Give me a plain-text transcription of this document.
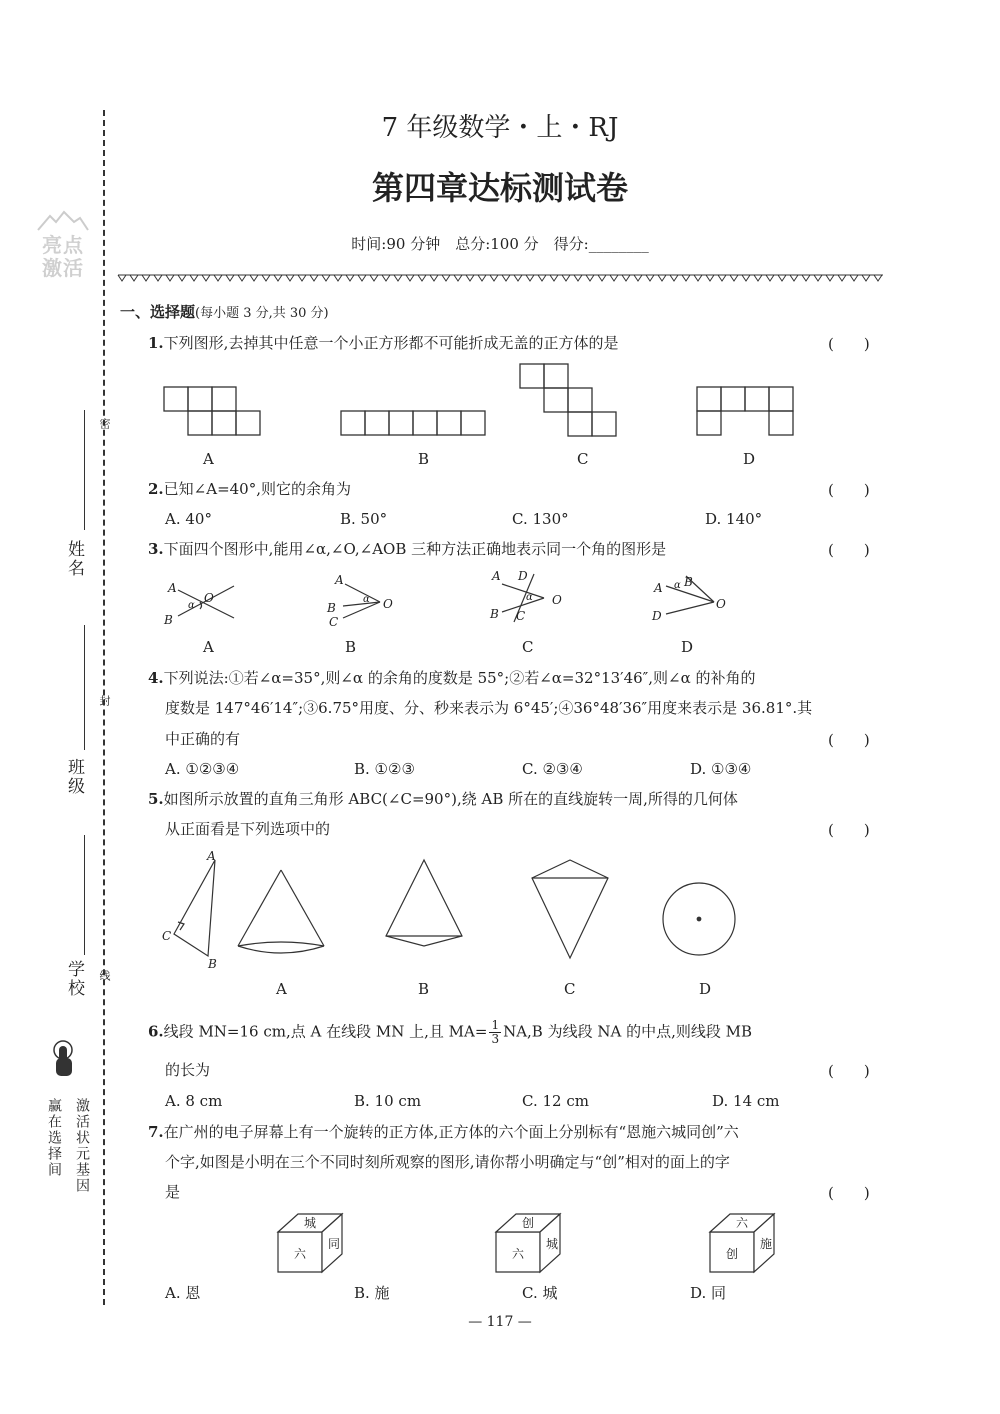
亮点激活
密
封
线
姓名
班级
学校
激活状元基因
赢在选择间
7 年级数学・上・RJ
第四章达标测试卷
时间:90 分钟　总分:100 分　得分:________
一、选择题(每小题 3 分,共 30 分)
1.下列图形,去掉其中任意一个小正方形都不可能折成无盖的正方体的是	(　　)
A	B	C	D
2.已知∠A=40°,则它的余角为	(　　)
A. 40°	B. 50°	C. 130°	D. 140°
3.下面四个图形中,能用∠α,∠O,∠AOB 三种方法正确地表示同一个角的图形是	(　　)
A
B
α
O
A
B
C
α O
A D
B C
α O
A B
D
α
O
A	B	C	D
4.下列说法:①若∠α=35°,则∠α 的余角的度数是 55°;②若∠α=32°13′46″,则∠α 的补角的
度数是 147°46′14″;③6.75°用度、分、秒来表示为 6°45′;④36°48′36″用度来表示是 36.81°.其
中正确的有	(　　)
A. ①②③④	B. ①②③	C. ②③④	D. ①③④
5.如图所示放置的直角三角形 ABC(∠C=90°),绕 AB 所在的直线旋转一周,所得的几何体
从正面看是下列选项中的	(　　)
A
C
B
A	B	C	D
6.线段 MN=16 cm,点 A 在线段 MN 上,且 $MA= \frac{1}{3} NA,B$ 为线段 NA 的中点,则线段 MB
的长为	(　　)
A. 8 cm	B. 10 cm	C. 12 cm	D. 14 cm
7.在广州的电子屏幕上有一个旋转的正方体,正方体的六个面上分别标有“恩施六城同创”六
个字,如图是小明在三个不同时刻所观察的图形,请你帮小明确定与“创”相对的面上的字
是	(　　)
城
六
同
创
六
城
六
创
施
A. 恩	B. 施	C. 城	D. 同
— 117 —
